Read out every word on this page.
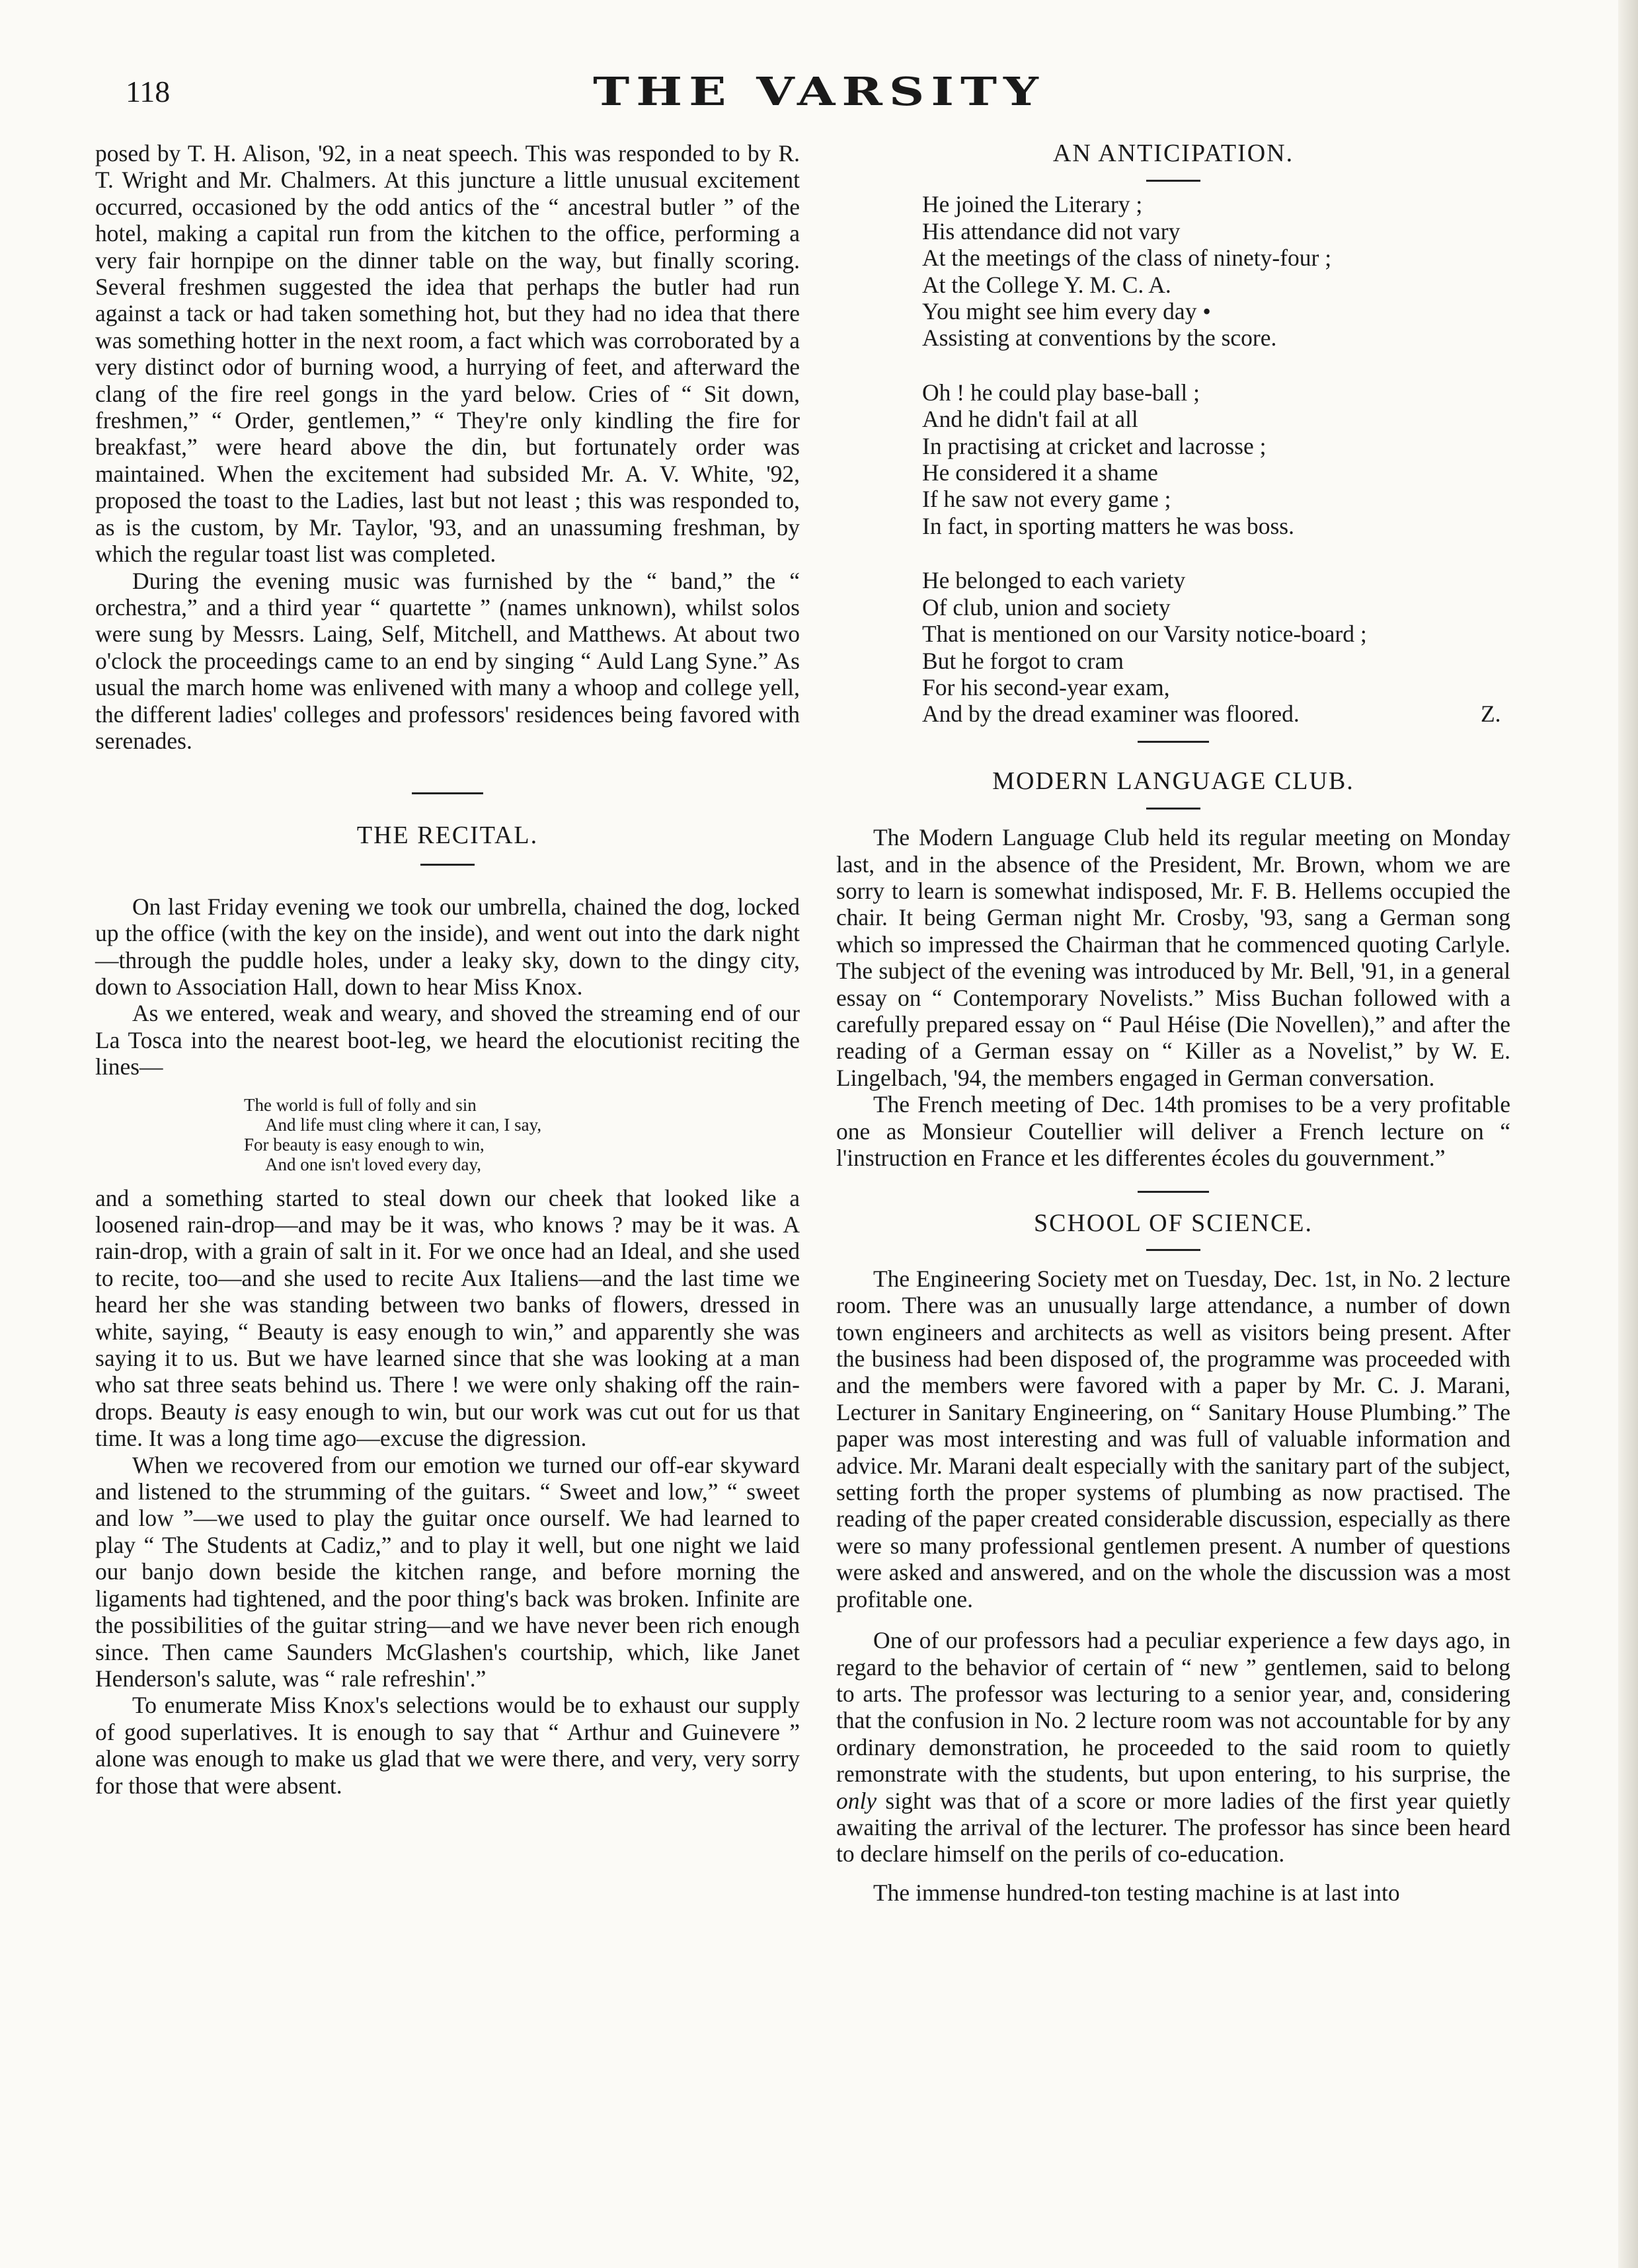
118	THE VARSITY

posed by T. H. Alison, '92, in a neat speech. This was responded to by R. T. Wright and Mr. Chalmers. At this juncture a little unusual excitement occurred, occasioned by the odd antics of the “ ancestral butler ” of the hotel, making a capital run from the kitchen to the office, performing a very fair hornpipe on the dinner table on the way, but finally scoring. Several freshmen suggested the idea that perhaps the butler had run against a tack or had taken something hot, but they had no idea that there was something hotter in the next room, a fact which was corroborated by a very distinct odor of burning wood, a hurrying of feet, and afterward the clang of the fire reel gongs in the yard below. Cries of “ Sit down, freshmen,” “ Order, gentlemen,” “ They're only kindling the fire for breakfast,” were heard above the din, but fortunately order was maintained. When the excitement had subsided Mr. A. V. White, '92, proposed the toast to the Ladies, last but not least ; this was responded to, as is the custom, by Mr. Taylor, '93, and an unassuming freshman, by which the regular toast list was completed.

During the evening music was furnished by the “ band,” the “ orchestra,” and a third year “ quartette ” (names unknown), whilst solos were sung by Messrs. Laing, Self, Mitchell, and Matthews. At about two o'clock the proceedings came to an end by singing “ Auld Lang Syne.” As usual the march home was enlivened with many a whoop and college yell, the different ladies' colleges and professors' residences being favored with serenades.

THE RECITAL.

On last Friday evening we took our umbrella, chained the dog, locked up the office (with the key on the inside), and went out into the dark night—through the puddle holes, under a leaky sky, down to the dingy city, down to Association Hall, down to hear Miss Knox.

As we entered, weak and weary, and shoved the streaming end of our La Tosca into the nearest boot-leg, we heard the elocutionist reciting the lines—

The world is full of folly and sin
And life must cling where it can, I say,
For beauty is easy enough to win,
And one isn't loved every day,

and a something started to steal down our cheek that looked like a loosened rain-drop—and may be it was, who knows ? may be it was. A rain-drop, with a grain of salt in it. For we once had an Ideal, and she used to recite, too—and she used to recite Aux Italiens—and the last time we heard her she was standing between two banks of flowers, dressed in white, saying, “ Beauty is easy enough to win,” and apparently she was saying it to us. But we have learned since that she was looking at a man who sat three seats behind us. There ! we were only shaking off the rain-drops. Beauty is easy enough to win, but our work was cut out for us that time. It was a long time ago—excuse the digression.

When we recovered from our emotion we turned our off-ear skyward and listened to the strumming of the guitars. “ Sweet and low,” “ sweet and low ”—we used to play the guitar once ourself. We had learned to play “ The Students at Cadiz,” and to play it well, but one night we laid our banjo down beside the kitchen range, and before morning the ligaments had tightened, and the poor thing's back was broken. Infinite are the possibilities of the guitar string—and we have never been rich enough since. Then came Saunders McGlashen's courtship, which, like Janet Henderson's salute, was “ rale refreshin'.”

To enumerate Miss Knox's selections would be to exhaust our supply of good superlatives. It is enough to say that “ Arthur and Guinevere ” alone was enough to make us glad that we were there, and very, very sorry for those that were absent.

AN ANTICIPATION.
He joined the Literary ;
His attendance did not vary
At the meetings of the class of ninety-four ;
At the College Y. M. C. A.
You might see him every day •
Assisting at conventions by the score.
Oh ! he could play base-ball ;
And he didn't fail at all
In practising at cricket and lacrosse ;
He considered it a shame
If he saw not every game ;
In fact, in sporting matters he was boss.
He belonged to each variety
Of club, union and society
That is mentioned on our Varsity notice-board ;
But he forgot to cram
For his second-year exam,
And by the dread examiner was floored.	Z.
MODERN LANGUAGE CLUB.

The Modern Language Club held its regular meeting on Monday last, and in the absence of the President, Mr. Brown, whom we are sorry to learn is somewhat indisposed, Mr. F. B. Hellems occupied the chair. It being German night Mr. Crosby, '93, sang a German song which so impressed the Chairman that he commenced quoting Carlyle. The subject of the evening was introduced by Mr. Bell, '91, in a general essay on “ Contemporary Novelists.” Miss Buchan followed with a carefully prepared essay on “ Paul Héise (Die Novellen),” and after the reading of a German essay on “ Killer as a Novelist,” by W. E. Lingelbach, '94, the members engaged in German conversation.

The French meeting of Dec. 14th promises to be a very profitable one as Monsieur Coutellier will deliver a French lecture on “ l'instruction en France et les differentes écoles du gouvernment.”

SCHOOL OF SCIENCE.

The Engineering Society met on Tuesday, Dec. 1st, in No. 2 lecture room. There was an unusually large attendance, a number of down town engineers and architects as well as visitors being present. After the business had been disposed of, the programme was proceeded with and the members were favored with a paper by Mr. C. J. Marani, Lecturer in Sanitary Engineering, on “ Sanitary House Plumbing.” The paper was most interesting and was full of valuable information and advice. Mr. Marani dealt especially with the sanitary part of the subject, setting forth the proper systems of plumbing as now practised. The reading of the paper created considerable discussion, especially as there were so many professional gentlemen present. A number of questions were asked and answered, and on the whole the discussion was a most profitable one.

One of our professors had a peculiar experience a few days ago, in regard to the behavior of certain of “ new ” gentlemen, said to belong to arts. The professor was lecturing to a senior year, and, considering that the confusion in No. 2 lecture room was not accountable for by any ordinary demonstration, he proceeded to the said room to quietly remonstrate with the students, but upon entering, to his surprise, the only sight was that of a score or more ladies of the first year quietly awaiting the arrival of the lecturer. The professor has since been heard to declare himself on the perils of co-education.

The immense hundred-ton testing machine is at last into
